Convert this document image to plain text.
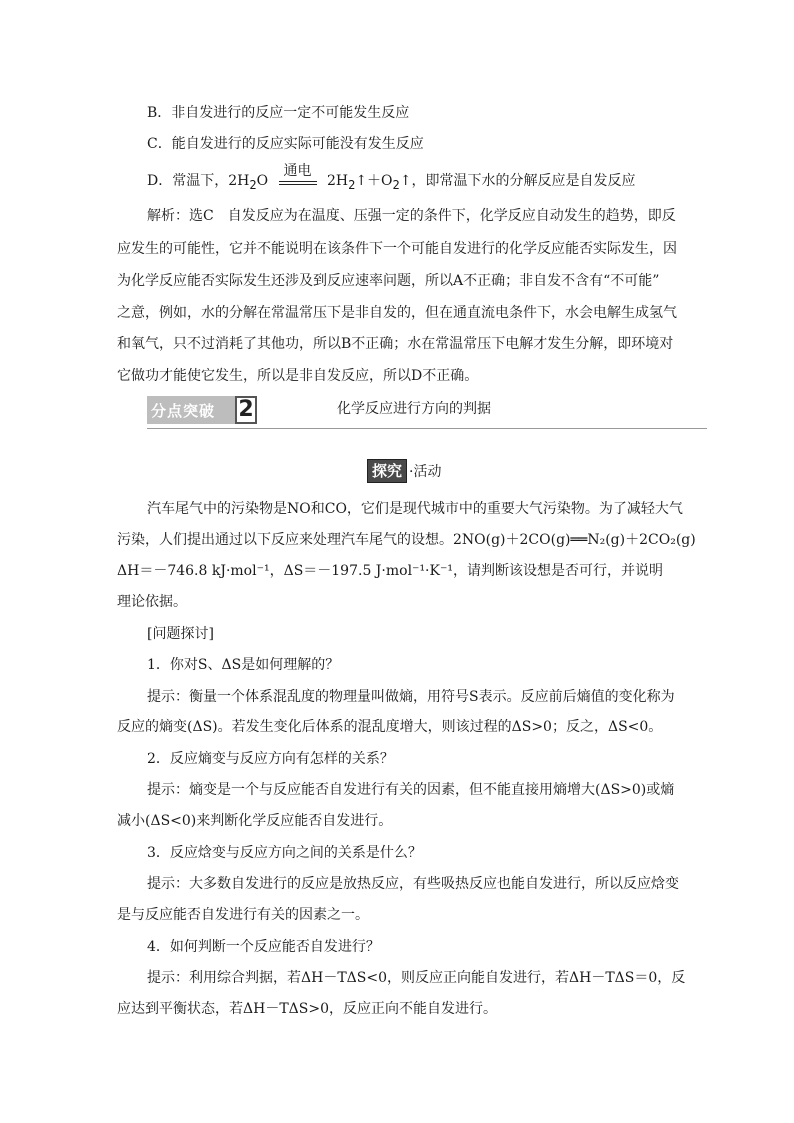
B．非自发进行的反应一定不可能发生反应
C．能自发进行的反应实际可能没有发生反应
D．常温下，$2H_2O$
通电
$2H_2↑+O_2↑$，即常温下水的分解反应是自发反应
解析：选C　自发反应为在温度、压强一定的条件下，化学反应自动发生的趋势，即反
应发生的可能性，它并不能说明在该条件下一个可能自发进行的化学反应能否实际发生，因
为化学反应能否实际发生还涉及到反应速率问题，所以A不正确；非自发不含有“不可能”
之意，例如，水的分解在常温常压下是非自发的，但在通直流电条件下，水会电解生成氢气
和氧气，只不过消耗了其他功，所以B不正确；水在常温常压下电解才发生分解，即环境对
它做功才能使它发生，所以是非自发反应，所以D不正确。
分点突破 2	化学反应进行方向的判据
探究 ·活动
汽车尾气中的污染物是NO和CO，它们是现代城市中的重要大气污染物。为了减轻大气
污染，人们提出通过以下反应来处理汽车尾气的设想。2NO(g)＋2CO(g)══N₂(g)＋2CO₂(g)
ΔH＝－746.8 kJ·mol⁻¹，ΔS＝－197.5 J·mol⁻¹·K⁻¹，请判断该设想是否可行，并说明
理论依据。
[问题探讨]
1．你对S、ΔS是如何理解的？
提示：衡量一个体系混乱度的物理量叫做熵，用符号S表示。反应前后熵值的变化称为
反应的熵变(ΔS)。若发生变化后体系的混乱度增大，则该过程的ΔS>0；反之，ΔS<0。
2．反应熵变与反应方向有怎样的关系？
提示：熵变是一个与反应能否自发进行有关的因素，但不能直接用熵增大(ΔS>0)或熵
减小(ΔS<0)来判断化学反应能否自发进行。
3．反应焓变与反应方向之间的关系是什么？
提示：大多数自发进行的反应是放热反应，有些吸热反应也能自发进行，所以反应焓变
是与反应能否自发进行有关的因素之一。
4．如何判断一个反应能否自发进行？
提示：利用综合判据，若ΔH－TΔS<0，则反应正向能自发进行，若ΔH－TΔS＝0，反
应达到平衡状态，若ΔH－TΔS>0，反应正向不能自发进行。
